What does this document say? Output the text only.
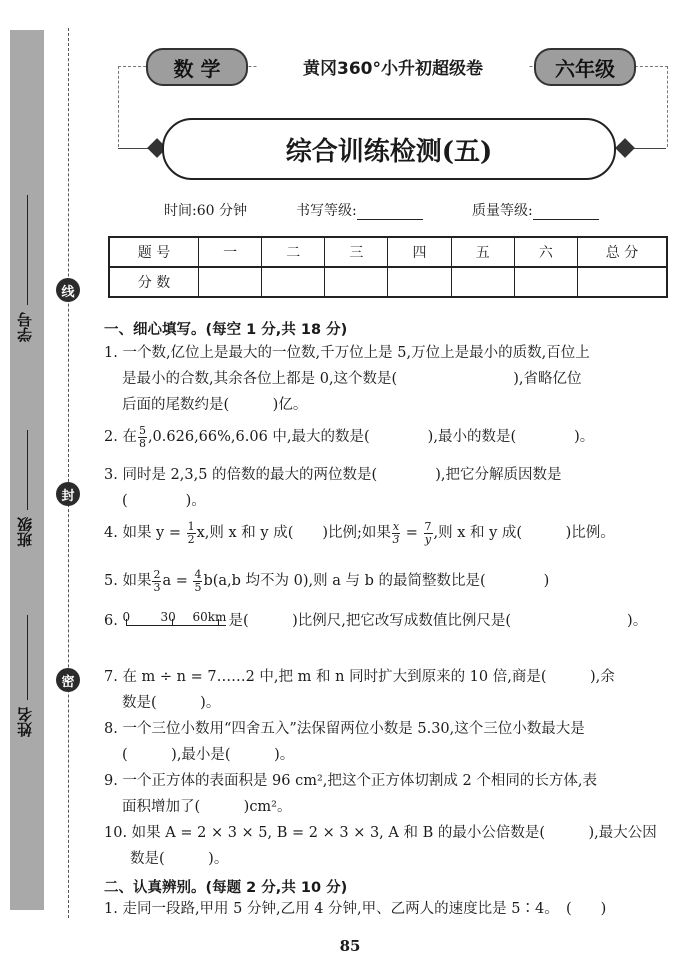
学号
班级
姓名
线
封
密
数 学	黄冈360°小升初超级卷	六年级
综合训练检测(五)
时间:60 分钟	书写等级:	质量等级:
题 号	一	二	三	四	五	六	总 分
分 数							
一、细心填写。(每空 1 分,共 18 分)
1. 一个数,亿位上是最大的一位数,千万位上是 5,万位上是最小的质数,百位上
是最小的合数,其余各位上都是 0,这个数是(　　　　　　　　),省略亿位
后面的尾数约是(　　　)亿。
2. 在 $\frac{5}{8} ,0.626,66\%,6.06$ 中,最大的数是(　　　　),最小的数是(　　　　)。
3. 同时是 2,3,5 的倍数的最大的两位数是(　　　　),把它分解质因数是
(　　　　)。
4. 如果 $y = \frac{1}{2} x$,则 x 和 y 成(　　)比例;如果 $\frac{x}{3} = \frac{7}{y}$ ,则 x 和 y 成(　　　)比例。
5. 如果 $\frac{2}{3}$ $a = \frac{4}{5} b(a,b$ 均不为 0),则 a 与 b 的最简整数比是(　　　　)
6. 0	30 60km 是(　　　)比例尺,把它改写成数值比例尺是(　　　　　　　　)。
7. 在 m ÷ n = 7……2 中,把 m 和 n 同时扩大到原来的 10 倍,商是(　　　),余
数是(　　　)。
8. 一个三位小数用“四舍五入”法保留两位小数是 5.30,这个三位小数最大是
(　　　),最小是(　　　)。
9. 一个正方体的表面积是 96 cm²,把这个正方体切割成 2 个相同的长方体,表
面积增加了(　　　)cm²。
10. 如果 A = 2 × 3 × 5, B = 2 × 3 × 3, A 和 B 的最小公倍数是(　　　),最大公因
数是(　　　)。
二、认真辨别。(每题 2 分,共 10 分)
1. 走同一段路,甲用 5 分钟,乙用 4 分钟,甲、乙两人的速度比是 5∶4。　(　　)
85
